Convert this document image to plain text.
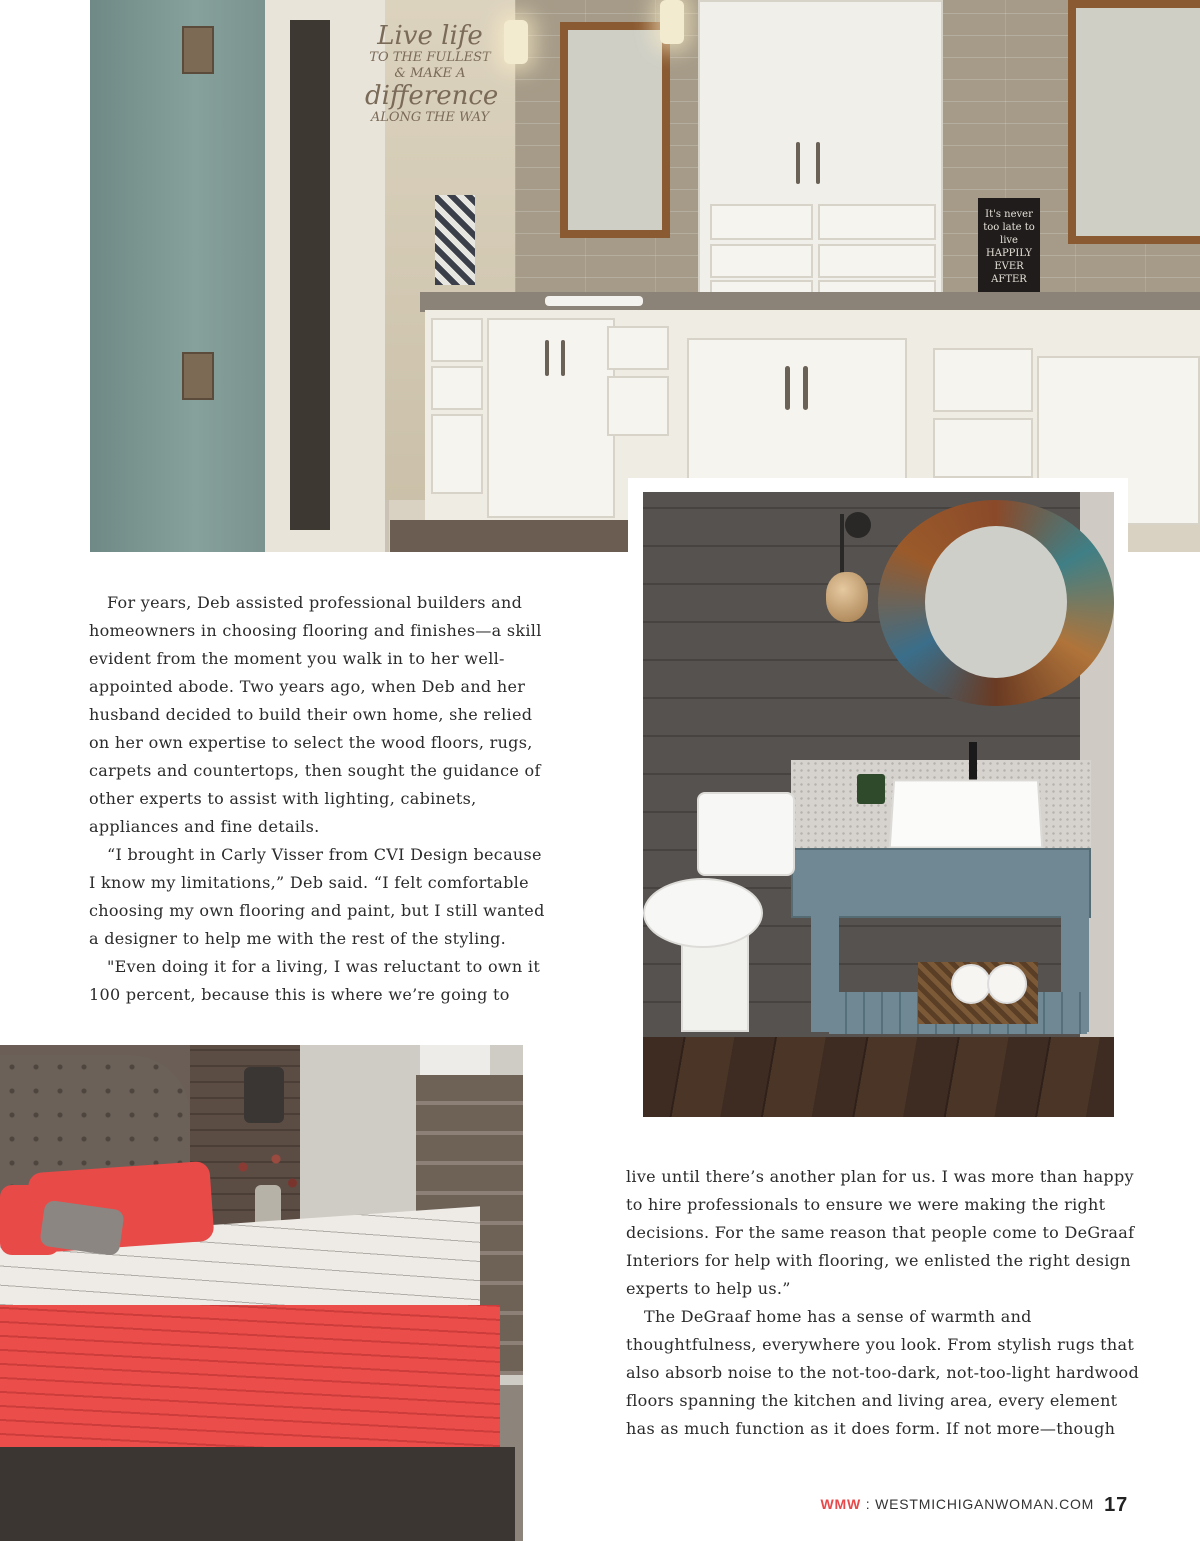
Live life
TO THE FULLEST
& MAKE A
difference
ALONG THE WAY
It's never too late to live HAPPILY EVER AFTER

For years, Deb assisted professional builders and homeowners in choosing flooring and finishes—a skill evident from the moment you walk in to her well-appointed abode. Two years ago, when Deb and her husband decided to build their own home, she relied on her own expertise to select the wood floors, rugs, carpets and countertops, then sought the guidance of other experts to assist with lighting, cabinets, appliances and fine details.

“I brought in Carly Visser from CVI Design because I know my limitations,” Deb said. “I felt comfortable choosing my own flooring and paint, but I still wanted a designer to help me with the rest of the styling.

"Even doing it for a living, I was reluctant to own it 100 percent, because this is where we’re going to

live until there’s another plan for us. I was more than happy to hire professionals to ensure we were making the right decisions. For the same reason that people come to DeGraaf Interiors for help with flooring, we enlisted the right design experts to help us.”

The DeGraaf home has a sense of warmth and thoughtfulness, everywhere you look. From stylish rugs that also absorb noise to the not-too-dark, not-too-light hardwood floors spanning the kitchen and living area, every element has as much function as it does form. If not more—though

WMW : WESTMICHIGANWOMAN.COM 17
